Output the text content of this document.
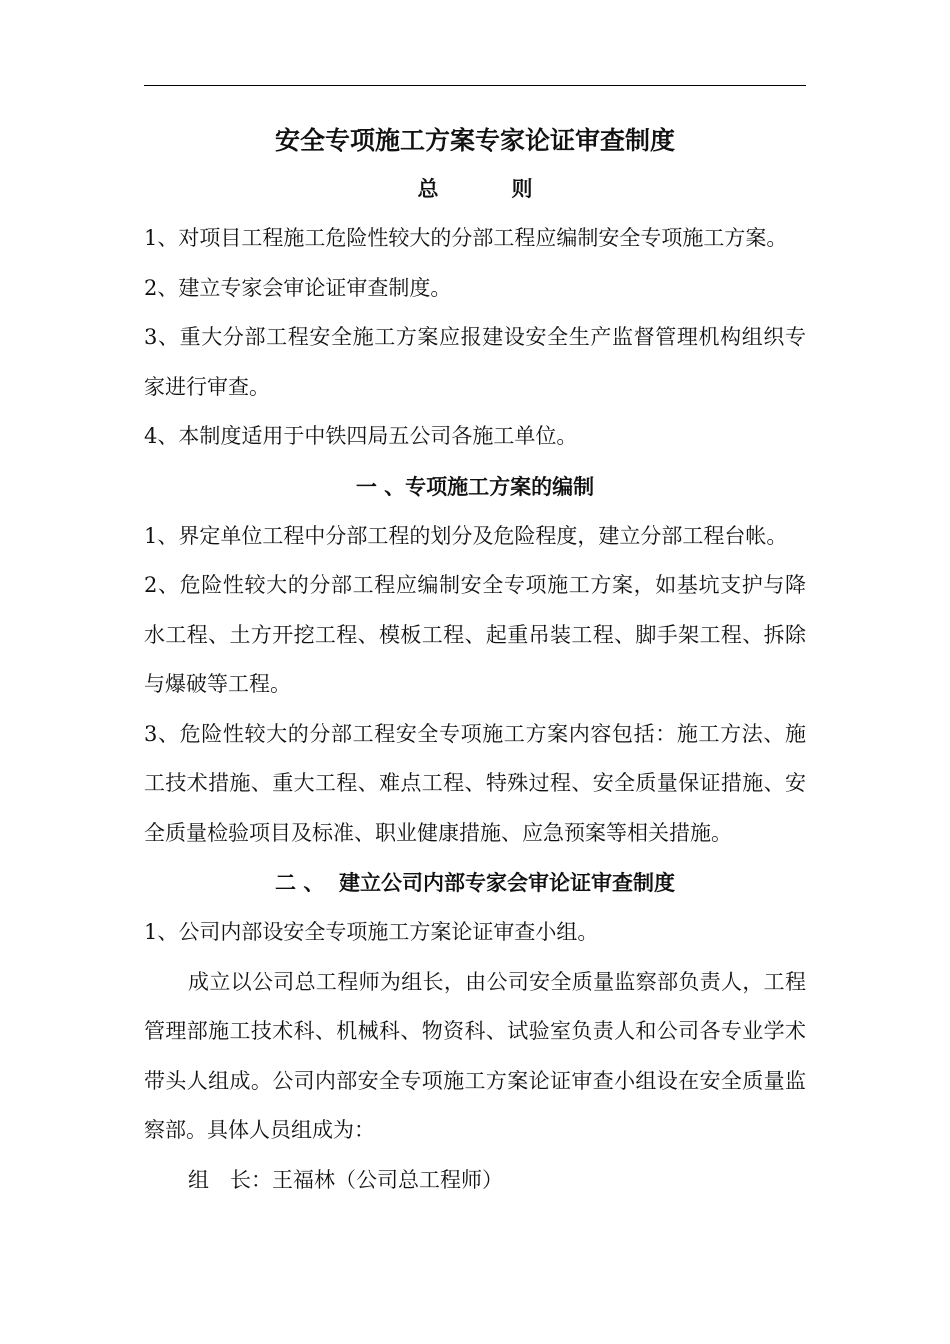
安全专项施工方案专家论证审查制度
总          则

1、对项目工程施工危险性较大的分部工程应编制安全专项施工方案。

2、建立专家会审论证审查制度。

3、重大分部工程安全施工方案应报建设安全生产监督管理机构组织专家进行审查。

4、本制度适用于中铁四局五公司各施工单位。

一 、专项施工方案的编制

1、界定单位工程中分部工程的划分及危险程度，建立分部工程台帐。

2、危险性较大的分部工程应编制安全专项施工方案，如基坑支护与降水工程、土方开挖工程、模板工程、起重吊装工程、脚手架工程、拆除与爆破等工程。

3、危险性较大的分部工程安全专项施工方案内容包括：施工方法、施工技术措施、重大工程、难点工程、特殊过程、安全质量保证措施、安全质量检验项目及标准、职业健康措施、应急预案等相关措施。

二 、  建立公司内部专家会审论证审查制度

1、公司内部设安全专项施工方案论证审查小组。

成立以公司总工程师为组长，由公司安全质量监察部负责人，工程管理部施工技术科、机械科、物资科、试验室负责人和公司各专业学术带头人组成。公司内部安全专项施工方案论证审查小组设在安全质量监察部。具体人员组成为：

组　长：王福林（公司总工程师）
